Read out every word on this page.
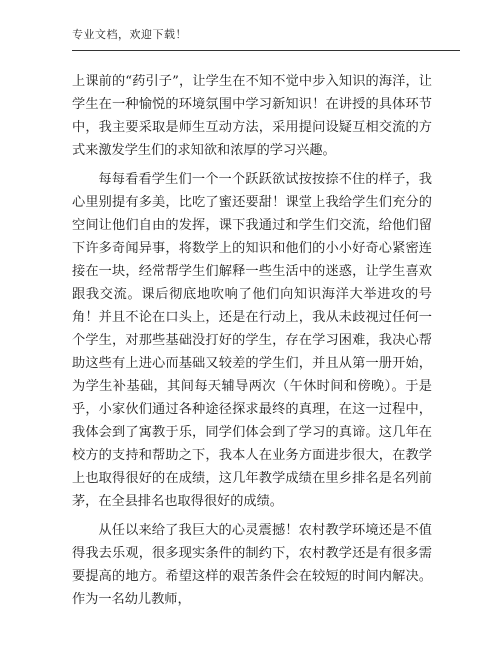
专业文档，欢迎下载！

上课前的“药引子”，让学生在不知不觉中步入知识的海洋，让学生在一种愉悦的环境氛围中学习新知识！在讲授的具体环节中，我主要采取是师生互动方法，采用提问设疑互相交流的方式来激发学生们的求知欲和浓厚的学习兴趣。

每每看看学生们一个一个跃跃欲试按按捺不住的样子，我心里别提有多美，比吃了蜜还要甜！课堂上我给学生们充分的空间让他们自由的发挥，课下我通过和学生们交流，给他们留下许多奇闻异事，将数学上的知识和他们的小小好奇心紧密连接在一块，经常帮学生们解释一些生活中的迷惑，让学生喜欢跟我交流。课后彻底地吹响了他们向知识海洋大举进攻的号角！并且不论在口头上，还是在行动上，我从未歧视过任何一个学生，对那些基础没打好的学生，存在学习困难，我决心帮助这些有上进心而基础又较差的学生们，并且从第一册开始，为学生补基础，其间每天辅导两次（午休时间和傍晚）。于是乎，小家伙们通过各种途径探求最终的真理，在这一过程中，我体会到了寓教于乐，同学们体会到了学习的真谛。这几年在校方的支持和帮助之下，我本人在业务方面进步很大，在教学上也取得很好的在成绩，这几年教学成绩在里乡排名是名列前茅，在全县排名也取得很好的成绩。

从任以来给了我巨大的心灵震撼！农村教学环境还是不值得我去乐观，很多现实条件的制约下，农村教学还是有很多需要提高的地方。希望这样的艰苦条件会在较短的时间内解决。作为一名幼儿教师，
